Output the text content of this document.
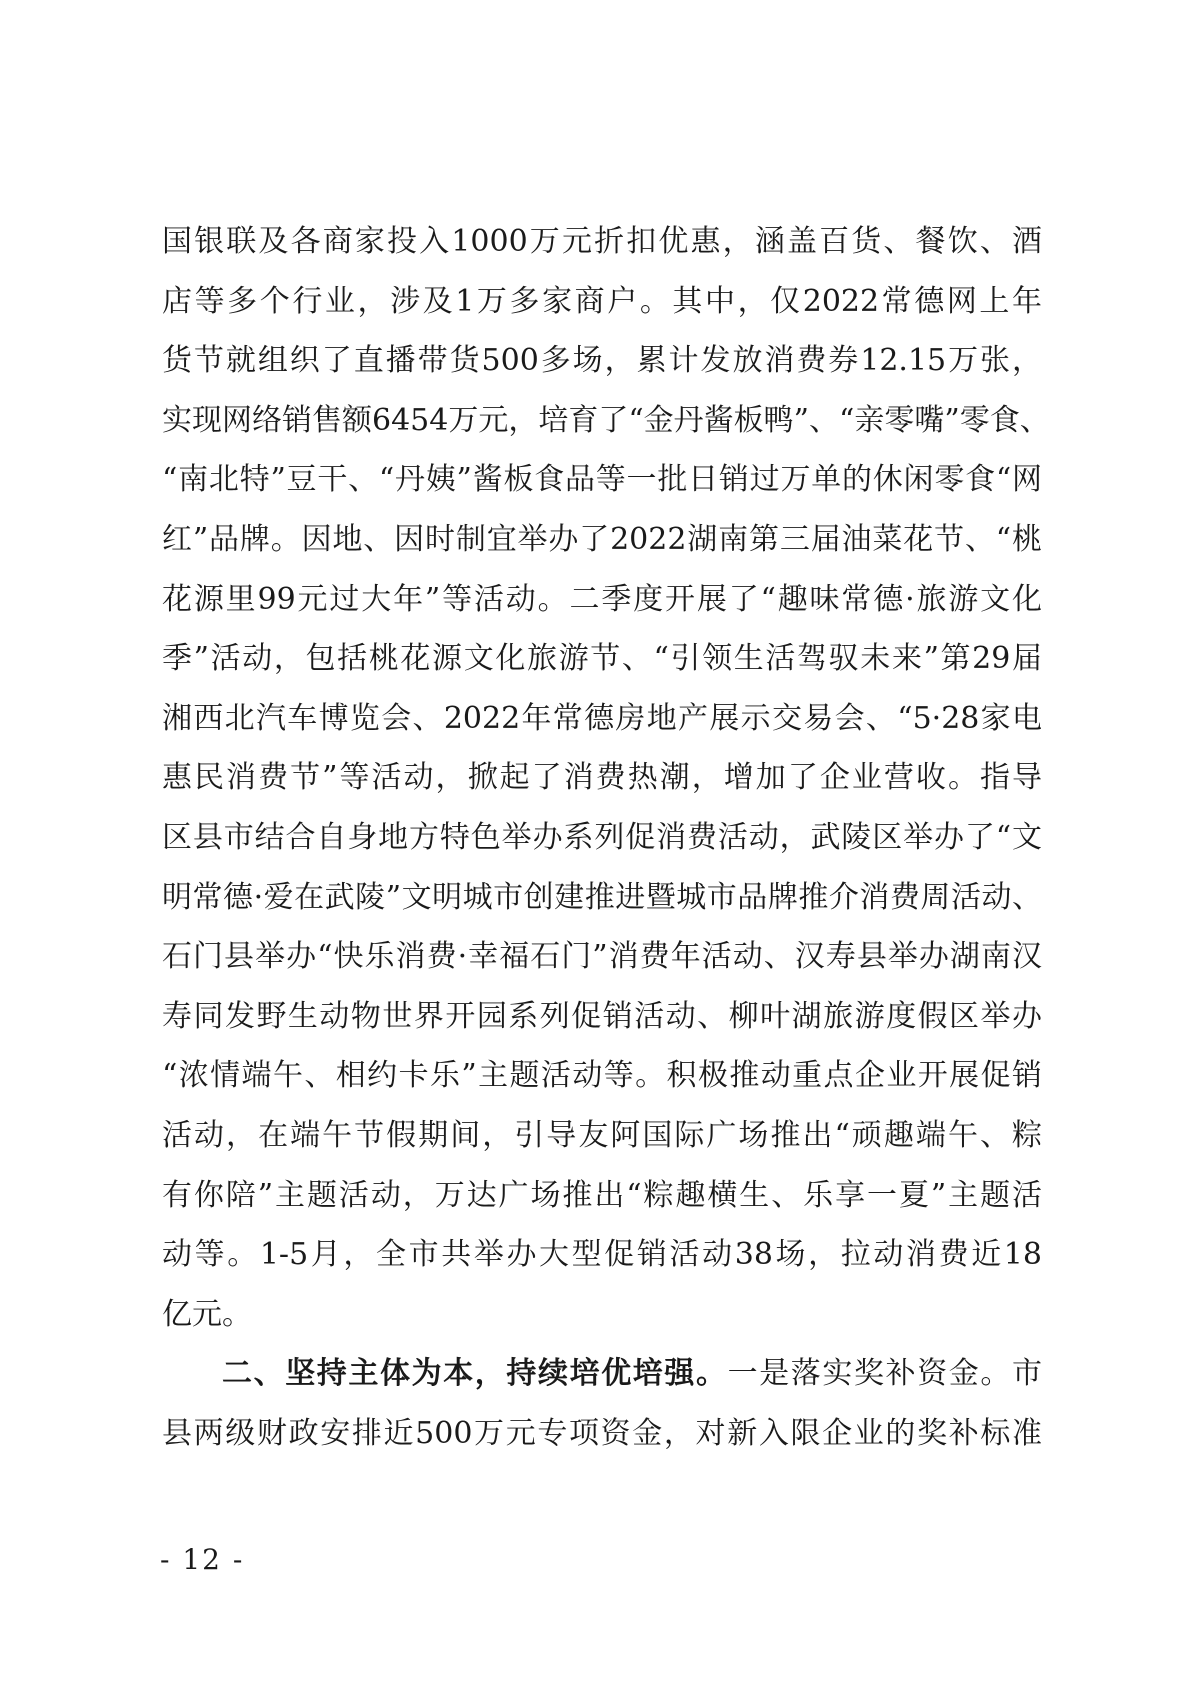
国银联及各商家投入1000万元折扣优惠，涵盖百货、餐饮、酒
店等多个行业，涉及1万多家商户。其中，仅2022常德网上年
货节就组织了直播带货500多场，累计发放消费券12.15万张，
实现网络销售额6454万元，培育了“金丹酱板鸭”、“亲零嘴”零食、
“南北特”豆干、“丹姨”酱板食品等一批日销过万单的休闲零食“网
红”品牌。因地、因时制宜举办了2022湖南第三届油菜花节、“桃
花源里99元过大年”等活动。二季度开展了“趣味常德·旅游文化
季”活动，包括桃花源文化旅游节、“引领生活驾驭未来”第29届
湘西北汽车博览会、2022年常德房地产展示交易会、“5·28家电
惠民消费节”等活动，掀起了消费热潮，增加了企业营收。指导
区县市结合自身地方特色举办系列促消费活动，武陵区举办了“文
明常德·爱在武陵”文明城市创建推进暨城市品牌推介消费周活动、
石门县举办“快乐消费·幸福石门”消费年活动、汉寿县举办湖南汉
寿同发野生动物世界开园系列促销活动、柳叶湖旅游度假区举办
“浓情端午、相约卡乐”主题活动等。积极推动重点企业开展促销
活动，在端午节假期间，引导友阿国际广场推出“顽趣端午、粽
有你陪”主题活动，万达广场推出“粽趣横生、乐享一夏”主题活
动等。1-5月，全市共举办大型促销活动38场，拉动消费近18
亿元。
二、坚持主体为本，持续培优培强。一是落实奖补资金。市
县两级财政安排近500万元专项资金，对新入限企业的奖补标准
- 12 -
